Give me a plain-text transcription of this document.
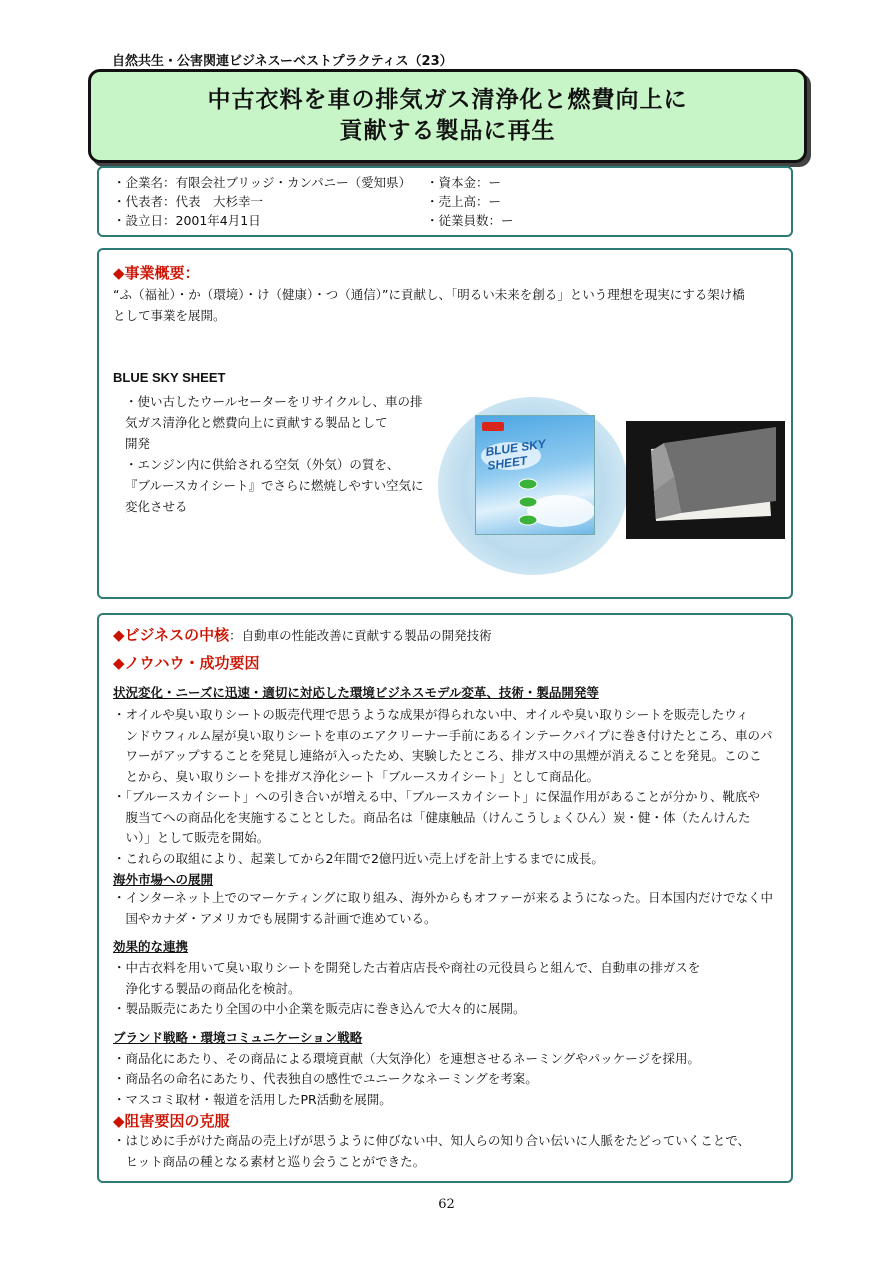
自然共生・公害関連ビジネスーベストプラクティス（23）
中古衣料を車の排気ガス清浄化と燃費向上に
貢献する製品に再生
・企業名：有限会社ブリッジ・カンパニー（愛知県）
・代表者：代表　大杉幸一
・設立日：2001年4月1日
・資本金：ー
・売上高：ー
・従業員数：ー
◆事業概要：
“ふ（福祉）・か（環境）・け（健康）・つ（通信）”に貢献し、「明るい未来を創る」という理想を現実にする架け橋
として事業を展開。
BLUE SKY SHEET
・使い古したウールセーターをリサイクルし、車の排
気ガス清浄化と燃費向上に貢献する製品として
開発
・エンジン内に供給される空気（外気）の質を、
『ブルースカイシート』でさらに燃焼しやすい空気に
変化させる
BLUE SKY SHEET
◆ビジネスの中核：自動車の性能改善に貢献する製品の開発技術
◆ノウハウ・成功要因
状況変化・ニーズに迅速・適切に対応した環境ビジネスモデル変革、技術・製品開発等
・オイルや臭い取りシートの販売代理で思うような成果が得られない中、オイルや臭い取りシートを販売したウィ
　ンドウフィルム屋が臭い取りシートを車のエアクリーナー手前にあるインテークパイプに巻き付けたところ、車のパ
　ワーがアップすることを発見し連絡が入ったため、実験したところ、排ガス中の黒煙が消えることを発見。このこ
　とから、臭い取りシートを排ガス浄化シート「ブルースカイシート」として商品化。
・「ブルースカイシート」への引き合いが増える中、「ブルースカイシート」に保温作用があることが分かり、靴底や
　腹当てへの商品化を実施することとした。商品名は「健康触品（けんこうしょくひん）炭・健・体（たんけんた
　い）」として販売を開始。
・これらの取組により、起業してから2年間で2億円近い売上げを計上するまでに成長。
海外市場への展開
・インターネット上でのマーケティングに取り組み、海外からもオファーが来るようになった。日本国内だけでなく中
　国やカナダ・アメリカでも展開する計画で進めている。
効果的な連携
・中古衣料を用いて臭い取りシートを開発した古着店店長や商社の元役員らと組んで、自動車の排ガスを
　浄化する製品の商品化を検討。
・製品販売にあたり全国の中小企業を販売店に巻き込んで大々的に展開。
ブランド戦略・環境コミュニケーション戦略
・商品化にあたり、その商品による環境貢献（大気浄化）を連想させるネーミングやパッケージを採用。
・商品名の命名にあたり、代表独自の感性でユニークなネーミングを考案。
・マスコミ取材・報道を活用したPR活動を展開。
◆阻害要因の克服
・はじめに手がけた商品の売上げが思うように伸びない中、知人らの知り合い伝いに人脈をたどっていくことで、
　ヒット商品の種となる素材と巡り会うことができた。
62
